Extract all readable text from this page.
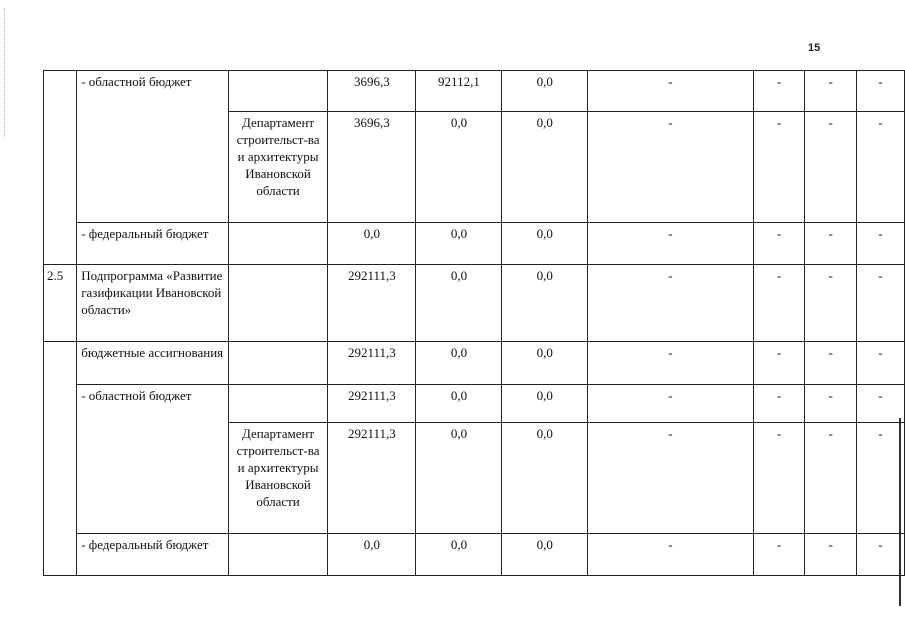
15
	- областной бюджет		3696,3	92112,1	0,0	-	-	-	-
		Департамент строительст-ва и архитектуры Ивановской области	3696,3	0,0	0,0	-	-	-	-
	- федеральный бюджет		0,0	0,0	0,0	-	-	-	-
2.5	Подпрограмма «Развитие газификации Ивановской области»		292111,3	0,0	0,0	-	-	-	-
	бюджетные ассигнования		292111,3	0,0	0,0	-	-	-	-
	- областной бюджет		292111,3	0,0	0,0	-	-	-	-
		Департамент строительст-ва и архитектуры Ивановской области	292111,3	0,0	0,0	-	-	-	-
	- федеральный бюджет		0,0	0,0	0,0	-	-	-	-
